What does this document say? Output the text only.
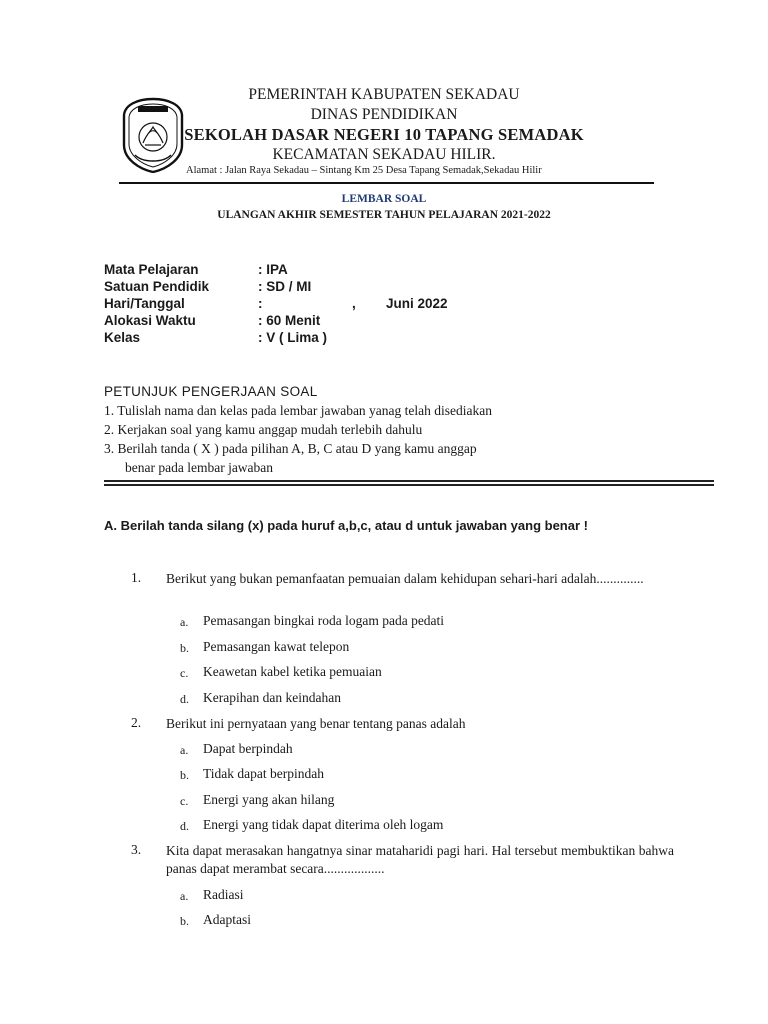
PEMERINTAH KABUPATEN SEKADAU
DINAS PENDIDIKAN
SEKOLAH DASAR NEGERI 10 TAPANG SEMADAK
KECAMATAN SEKADAU HILIR.
Alamat : Jalan Raya Sekadau – Sintang Km 25 Desa Tapang Semadak,Sekadau Hilir
LEMBAR SOAL
ULANGAN AKHIR SEMESTER TAHUN PELAJARAN 2021-2022
Mata Pelajaran	: IPA
Satuan Pendidik	: SD / MI
Hari/Tanggal	:	, Juni 2022
Alokasi Waktu	: 60 Menit
Kelas	: V ( Lima )
PETUNJUK PENGERJAAN SOAL
1. Tulislah nama dan kelas pada lembar jawaban yanag telah disediakan
2. Kerjakan soal yang kamu anggap mudah terlebih dahulu
3. Berilah tanda ( X ) pada pilihan A, B, C atau D yang kamu anggap
benar pada lembar jawaban
A. Berilah tanda silang (x) pada huruf a,b,c, atau d untuk jawaban yang benar !
1. Berikut yang bukan pemanfaatan pemuaian dalam kehidupan sehari-hari adalah..............
a. Pemasangan bingkai roda logam pada pedati
b. Pemasangan kawat telepon
c. Keawetan kabel ketika pemuaian
d. Kerapihan dan keindahan
2. Berikut ini pernyataan yang benar tentang panas adalah
a. Dapat berpindah
b. Tidak dapat berpindah
c. Energi yang akan hilang
d. Energi yang tidak dapat diterima oleh logam
3. Kita dapat merasakan hangatnya sinar mataharidi pagi hari. Hal tersebut membuktikan bahwa panas dapat merambat secara..................
a. Radiasi
b. Adaptasi
